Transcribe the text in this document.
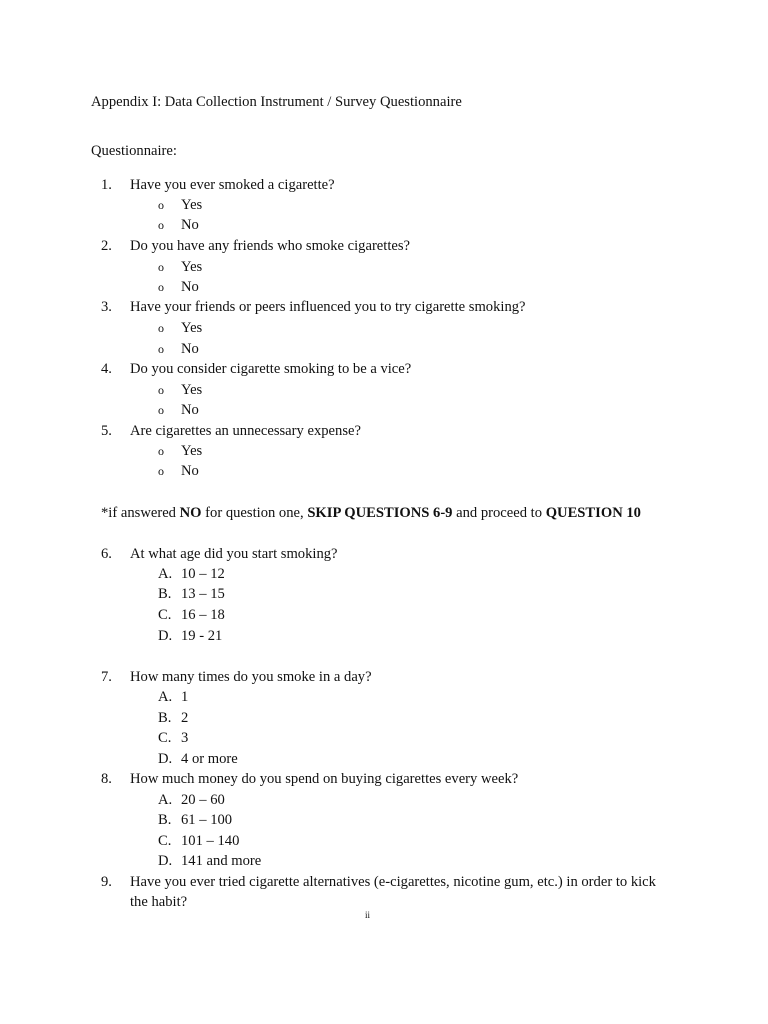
Appendix I: Data Collection Instrument / Survey Questionnaire
Questionnaire:
1. Have you ever smoked a cigarette?
o Yes
o No
2. Do you have any friends who smoke cigarettes?
o Yes
o No
3. Have your friends or peers influenced you to try cigarette smoking?
o Yes
o No
4. Do you consider cigarette smoking to be a vice?
o Yes
o No
5. Are cigarettes an unnecessary expense?
o Yes
o No
*if answered NO for question one, SKIP QUESTIONS 6-9 and proceed to QUESTION 10
6. At what age did you start smoking?
A. 10 – 12
B. 13 – 15
C. 16 – 18
D. 19 - 21
7. How many times do you smoke in a day?
A. 1
B. 2
C. 3
D. 4 or more
8. How much money do you spend on buying cigarettes every week?
A. 20 – 60
B. 61 – 100
C. 101 – 140
D. 141 and more
9. Have you ever tried cigarette alternatives (e-cigarettes, nicotine gum, etc.) in order to kick
the habit?
ii
